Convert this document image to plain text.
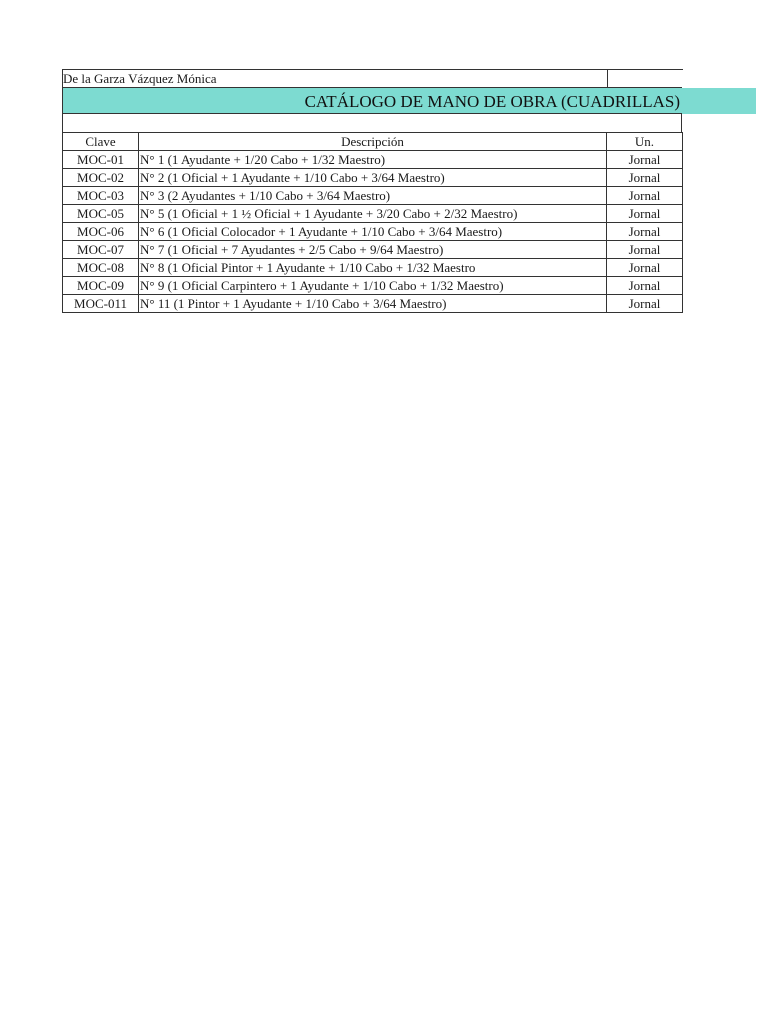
De la Garza Vázquez Mónica
CATÁLOGO DE MANO DE OBRA (CUADRILLAS)
Clave	Descripción	Un.
MOC-01	N° 1 (1 Ayudante + 1/20 Cabo + 1/32 Maestro)	Jornal
MOC-02	N° 2 (1 Oficial + 1 Ayudante + 1/10 Cabo + 3/64 Maestro)	Jornal
MOC-03	N° 3 (2 Ayudantes + 1/10 Cabo + 3/64 Maestro)	Jornal
MOC-05	N° 5 (1 Oficial + 1 ½ Oficial + 1 Ayudante + 3/20 Cabo + 2/32 Maestro)	Jornal
MOC-06	N° 6 (1 Oficial Colocador + 1 Ayudante + 1/10 Cabo + 3/64 Maestro)	Jornal
MOC-07	N° 7 (1 Oficial + 7 Ayudantes + 2/5 Cabo + 9/64 Maestro)	Jornal
MOC-08	N° 8 (1 Oficial Pintor + 1 Ayudante + 1/10 Cabo + 1/32 Maestro	Jornal
MOC-09	N° 9 (1 Oficial Carpintero + 1 Ayudante + 1/10 Cabo + 1/32 Maestro)	Jornal
MOC-011	N° 11 (1 Pintor + 1 Ayudante + 1/10 Cabo + 3/64 Maestro)	Jornal
